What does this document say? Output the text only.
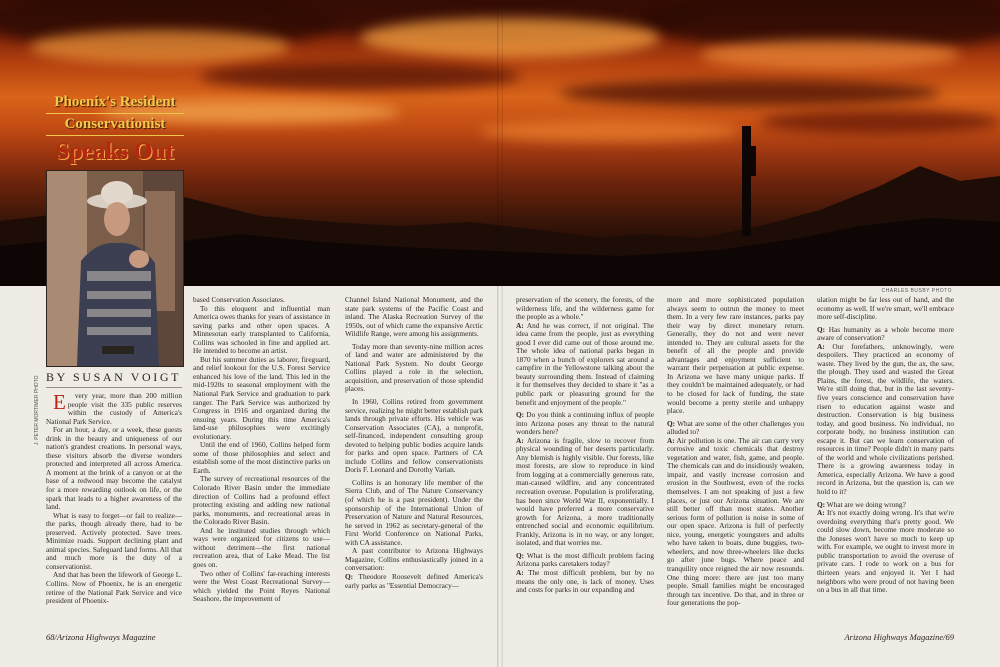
CHARLES BUSBY PHOTO
Phoenix's Resident
Conservationist
Speaks Out
J. PETER MORTIMER PHOTO BY SUSAN VOIGT

E very year, more than 200 million people visit the 335 public reserves within the custody of America's National Park Service.

For an hour, a day, or a week, these guests drink in the beauty and uniqueness of our nation's grandest creations. In personal ways, these visitors absorb the diverse wonders protected and interpreted all across America. A moment at the brink of a canyon or at the base of a redwood may become the catalyst for a more rewarding outlook on life, or the spark that leads to a higher awareness of the land.

What is easy to forget—or fail to realize—the parks, though already there, had to be preserved. Actively protected. Save trees. Minimize roads. Support declining plant and animal species. Safeguard land forms. All that and much more is the duty of a conservationist.

And that has been the lifework of George L. Collins. Now of Phoenix, he is an energetic retiree of the National Park Service and vice president of Phoenix-

based Conservation Associates.

To this eloquent and influential man America owes thanks for years of assistance in saving parks and other open spaces. A Minnesotan early transplanted to California, Collins was schooled in fine and applied art. He intended to become an artist.

But his summer duties as laborer, fireguard, and relief lookout for the U.S. Forest Service enhanced his love of the land. This led in the mid-1920s to seasonal employment with the National Park Service and graduation to park ranger. The Park Service was authorized by Congress in 1916 and organized during the ensuing years. During this time America's land-use philosophies were excitingly evolutionary.

Until the end of 1960, Collins helped form some of those philosophies and select and establish some of the most distinctive parks on Earth.

The survey of recreational resources of the Colorado River Basin under the immediate direction of Collins had a profound effect protecting existing and adding new national parks, monuments, and recreational areas in the Colorado River Basin.

And he instituted studies through which ways were organized for citizens to use—without detriment—the first national recreation area, that of Lake Mead. The list goes on.

Two other of Collins' far-reaching interests were the West Coast Recreational Survey—which yielded the Point Reyes National Seashore, the improvement of

Channel Island National Monument, and the state park systems of the Pacific Coast and inland. The Alaska Recreation Survey of the 1950s, out of which came the expansive Arctic Wildlife Range, were among his assignments.

Today more than seventy-nine million acres of land and water are administered by the National Park System. No doubt George Collins played a role in the selection, acquisition, and preservation of those splendid places.

In 1960, Collins retired from government service, realizing he might better establish park lands through private efforts. His vehicle was Conservation Associates (CA), a nonprofit, self-financed, independent consulting group devoted to helping public bodies acquire lands for parks and open space. Partners of CA include Collins and fellow conservationists Doris F. Leonard and Dorothy Varian.

Collins is an honorary life member of the Sierra Club, and of The Nature Conservancy (of which he is a past president). Under the sponsorship of the International Union of Preservation of Nature and Natural Resources, he served in 1962 as secretary-general of the First World Conference on National Parks, with CA assistance.

A past contributor to Arizona Highways Magazine, Collins enthusiastically joined in a conversation:

Q: Theodore Roosevelt defined America's early parks as "Essential Democracy—

preservation of the scenery, the forests, of the wilderness life, and the wilderness game for the people as a whole."

A: And he was correct, if not original. The idea came from the people, just as everything good I ever did came out of those around me. The whole idea of national parks began in 1870 when a bunch of explorers sat around a campfire in the Yellowstone talking about the beauty surrounding them. Instead of claiming it for themselves they decided to share it "as a public park or pleasuring ground for the benefit and enjoyment of the people."

Q: Do you think a continuing influx of people into Arizona poses any threat to the natural wonders here?

A: Arizona is fragile, slow to recover from physical wounding of her deserts particularly. Any blemish is highly visible. Our forests, like most forests, are slow to reproduce in kind from logging at a commercially generous rate, man-caused wildfire, and any concentrated recreation overuse. Population is proliferating, has been since World War II, exponentially. I would have preferred a more conservative growth for Arizona, a more traditionally entrenched social and economic equilibrium. Frankly, Arizona is in no way, or any longer, isolated, and that worries me.

Q: What is the most difficult problem facing Arizona parks caretakers today?

A: The most difficult problem, but by no means the only one, is lack of money. Uses and costs for parks in our expanding and

more and more sophisticated population always seem to outrun the money to meet them. In a very few rare instances, parks pay their way by direct monetary return. Generally, they do not and were never intended to. They are cultural assets for the benefit of all the people and provide advantages and enjoyment sufficient to warrant their perpetuation at public expense. In Arizona we have many unique parks. If they couldn't be maintained adequately, or had to be closed for lack of funding, the state would become a pretty sterile and unhappy place.

Q: What are some of the other challenges you alluded to?

A: Air pollution is one. The air can carry very corrosive and toxic chemicals that destroy vegetation and water, fish, game, and people. The chemicals can and do insidiously weaken, impair, and vastly increase corrosion and erosion in the Southwest, even of the rocks themselves. I am not speaking of just a few places, or just our Arizona situation. We are still better off than most states. Another serious form of pollution is noise in some of our open space. Arizona is full of perfectly nice, young, energetic youngsters and adults who have taken to boats, dune buggies, two-wheelers, and now three-wheelers like ducks go after june bugs. Where peace and tranquility once reigned the air now resounds. One thing more: there are just too many people. Small families might be encouraged through tax incentive. Do that, and in three or four generations the pop-

ulation might be far less out of hand, and the economy as well. If we're smart, we'll embrace more self-discipline.

Q: Has humanity as a whole become more aware of conservation?

A: Our forefathers, unknowingly, were despoilers. They practiced an economy of waste. They lived by the gun, the ax, the saw, the plough. They used and wasted the Great Plains, the forest, the wildlife, the waters. We're still doing that, but in the last seventy-five years conscience and conservation have risen to education against waste and destruction. Conservation is big business today, and good business. No individual, no corporate body, no business institution can escape it. But can we learn conservation of resources in time? People didn't in many parts of the world and whole civilizations perished. There is a growing awareness today in America, especially Arizona. We have a good record in Arizona, but the question is, can we hold to it?

Q: What are we doing wrong?

A: It's not exactly doing wrong. It's that we're overdoing everything that's pretty good. We could slow down, become more moderate so the Joneses won't have so much to keep up with. For example, we ought to invest more in public transportation to avoid the overuse of private cars. I rode to work on a bus for thirteen years and enjoyed it. Yet I had neighbors who were proud of not having been on a bus in all that time.

68/Arizona Highways Magazine	Arizona Highways Magazine/69
